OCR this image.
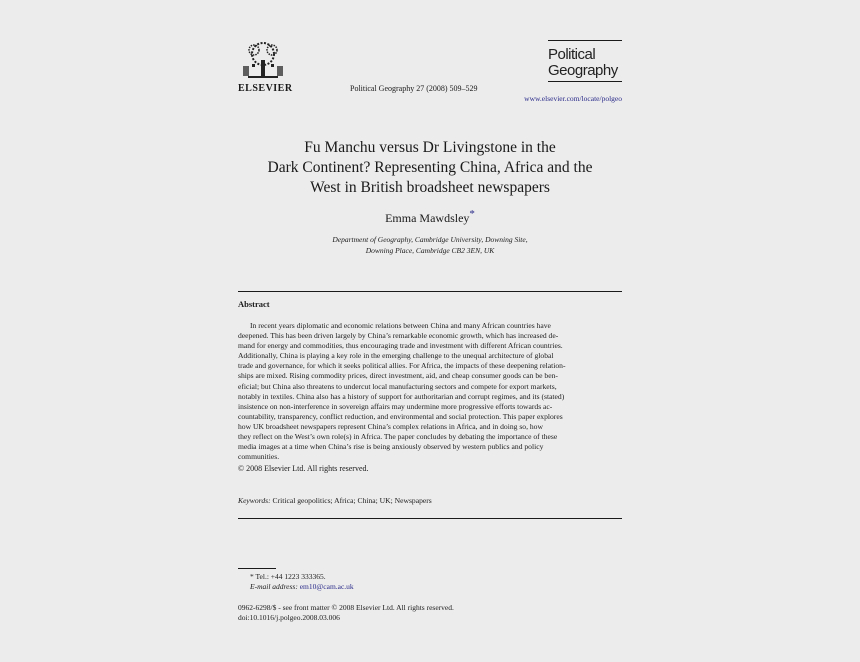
ELSEVIER	Political Geography 27 (2008) 509–529
Political
Geography
www.elsevier.com/locate/polgeo
Fu Manchu versus Dr Livingstone in the
Dark Continent? Representing China, Africa and the
West in British broadsheet newspapers
Emma Mawdsley*
Department of Geography, Cambridge University, Downing Site,
Downing Place, Cambridge CB2 3EN, UK
Abstract
In recent years diplomatic and economic relations between China and many African countries have
deepened. This has been driven largely by China’s remarkable economic growth, which has increased de-
mand for energy and commodities, thus encouraging trade and investment with different African countries.
Additionally, China is playing a key role in the emerging challenge to the unequal architecture of global
trade and governance, for which it seeks political allies. For Africa, the impacts of these deepening relation-
ships are mixed. Rising commodity prices, direct investment, aid, and cheap consumer goods can be ben-
eficial; but China also threatens to undercut local manufacturing sectors and compete for export markets,
notably in textiles. China also has a history of support for authoritarian and corrupt regimes, and its (stated)
insistence on non-interference in sovereign affairs may undermine more progressive efforts towards ac-
countability, transparency, conflict reduction, and environmental and social protection. This paper explores
how UK broadsheet newspapers represent China’s complex relations in Africa, and in doing so, how
they reflect on the West’s own role(s) in Africa. The paper concludes by debating the importance of these
media images at a time when China’s rise is being anxiously observed by western publics and policy
communities.
© 2008 Elsevier Ltd. All rights reserved.
Keywords: Critical geopolitics; Africa; China; UK; Newspapers
* Tel.: +44 1223 333365.
E-mail address: em10@cam.ac.uk
0962-6298/$ - see front matter © 2008 Elsevier Ltd. All rights reserved.
doi:10.1016/j.polgeo.2008.03.006
